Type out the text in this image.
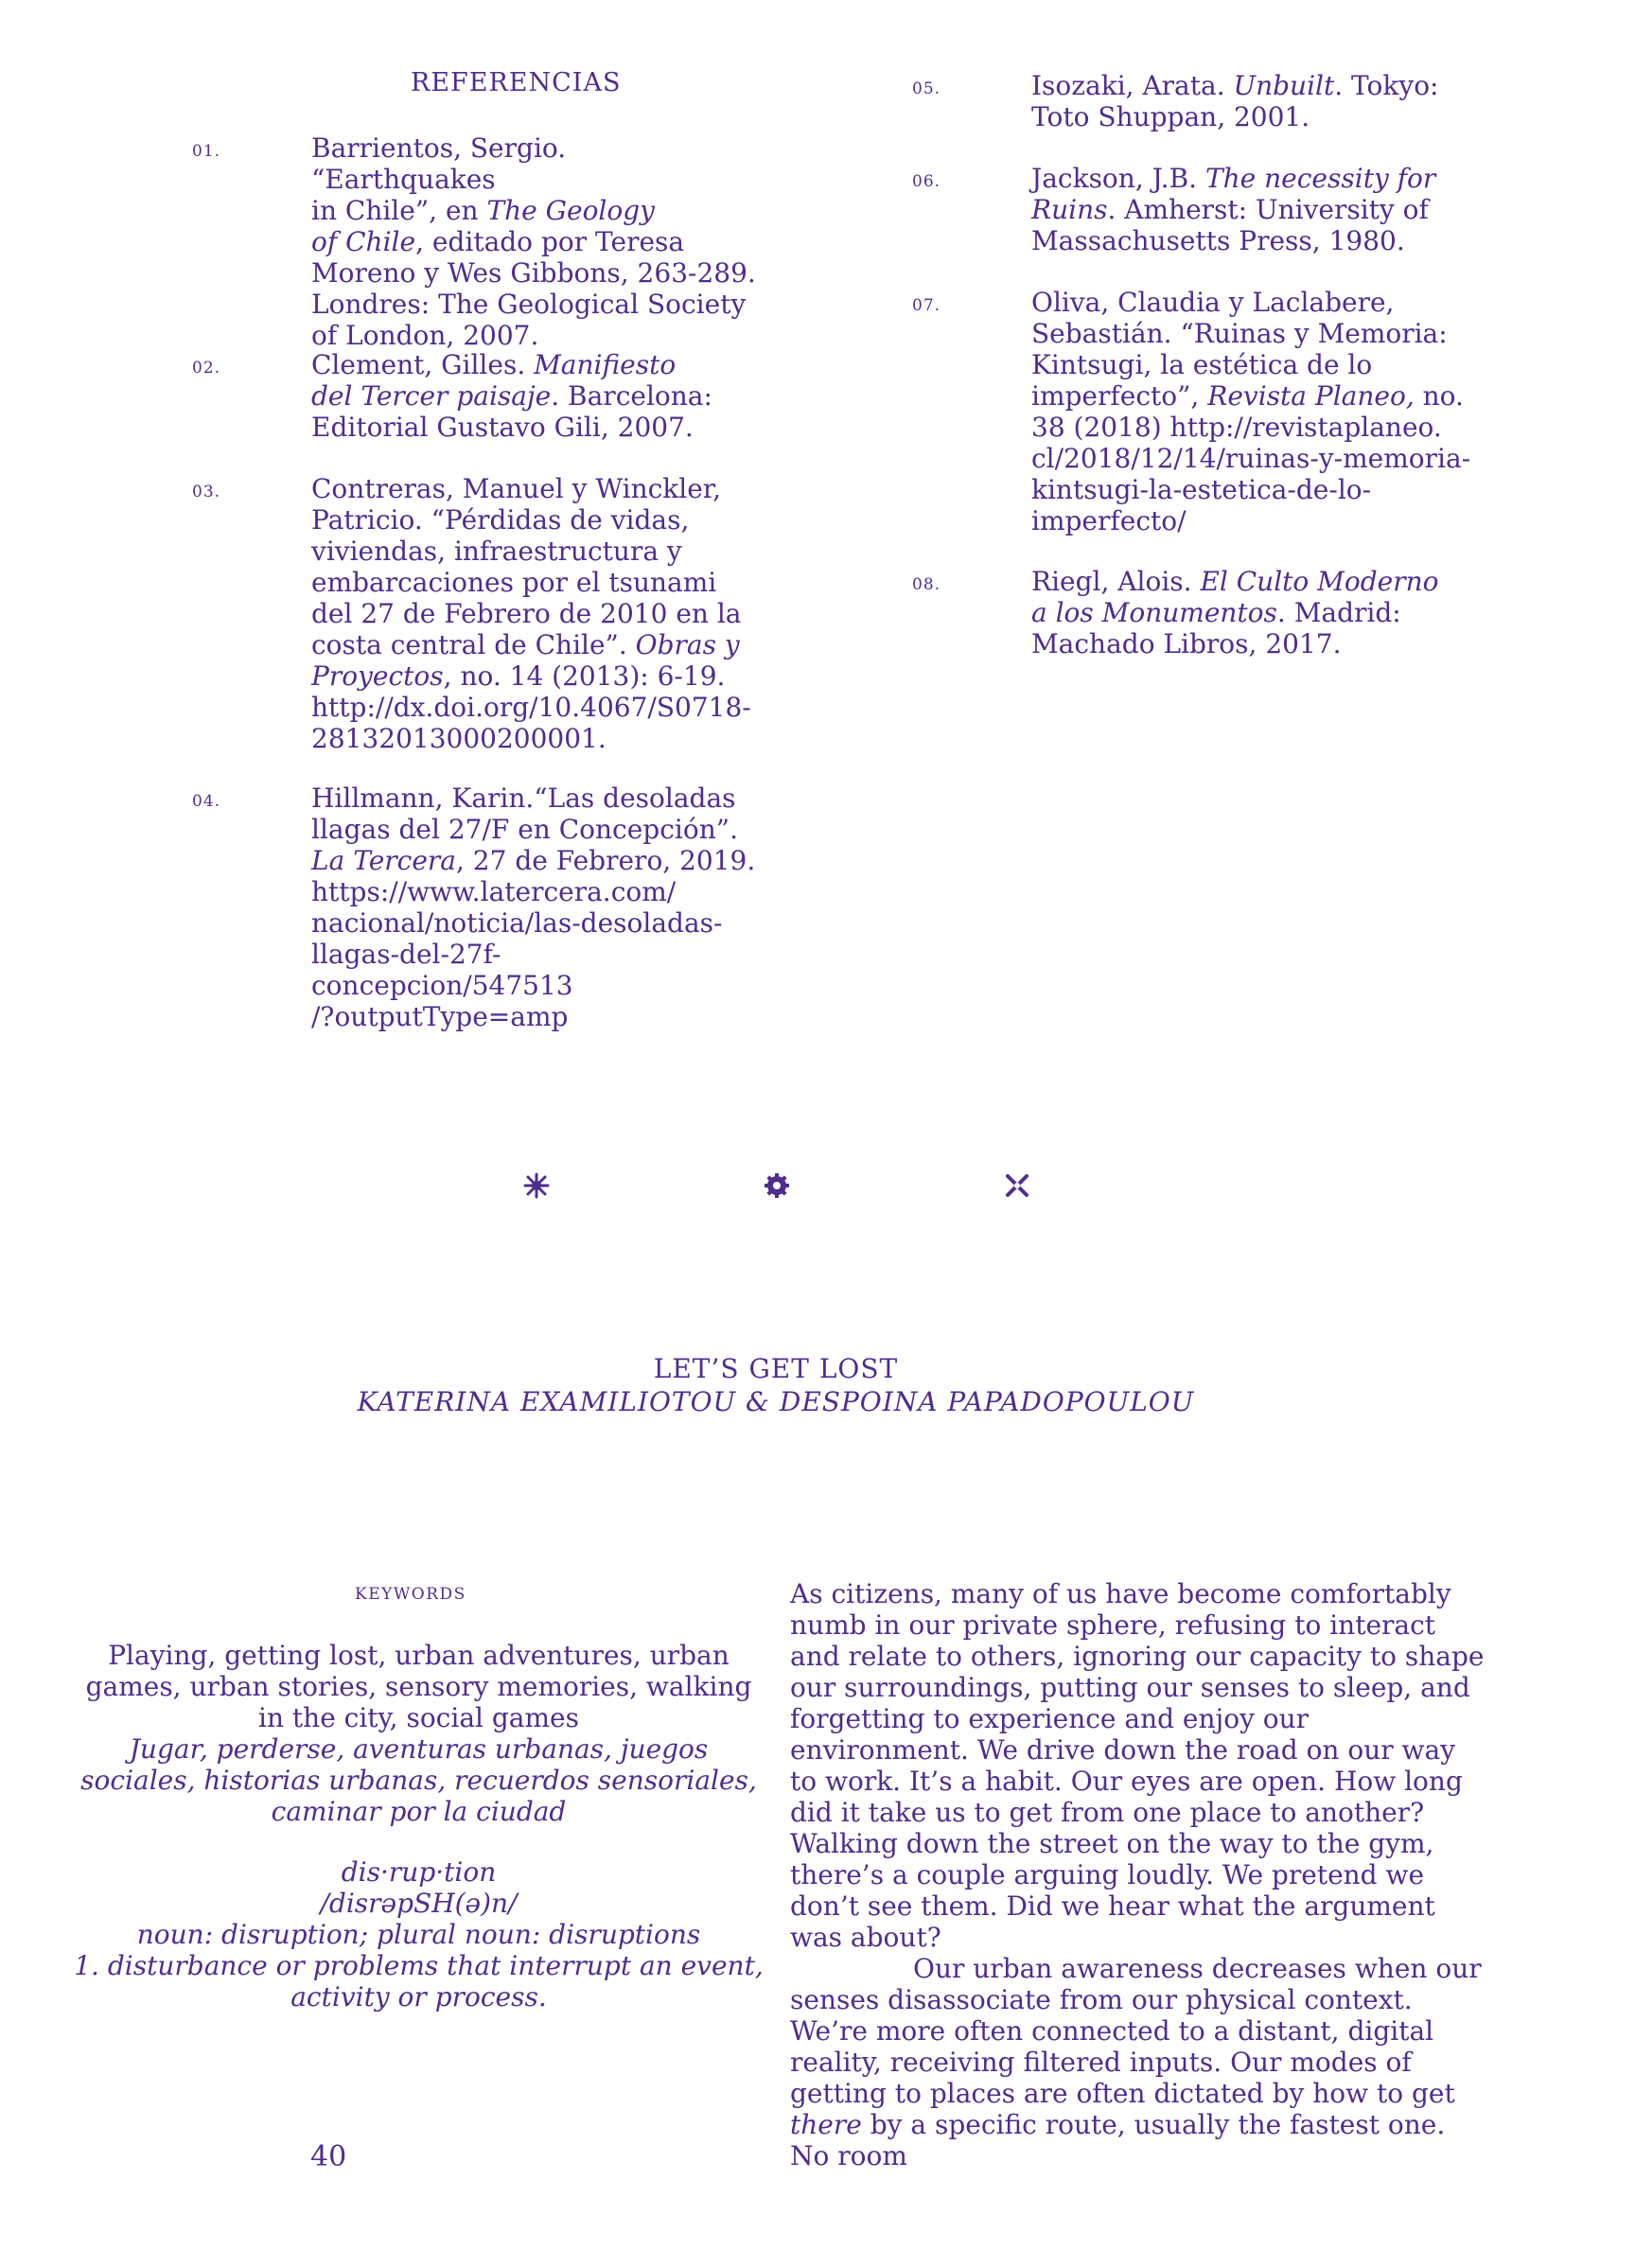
REFERENCIAS
01.	Barrientos, Sergio. “Earthquakes
in Chile”, en The Geology
of Chile, editado por Teresa
Moreno y Wes Gibbons, 263-289.
Londres: The Geological Society
of London, 2007.
02.	Clement, Gilles. Manifiesto
del Tercer paisaje. Barcelona:
Editorial Gustavo Gili, 2007.
03.	Contreras, Manuel y Winckler,
Patricio. “Pérdidas de vidas,
viviendas, infraestructura y
embarcaciones por el tsunami
del 27 de Febrero de 2010 en la
costa central de Chile”. Obras y
Proyectos, no. 14 (2013): 6-19.
http://dx.doi.org/10.4067/S0718-
28132013000200001.
04.	Hillmann, Karin.“Las desoladas
llagas del 27/F en Concepción”.
La Tercera, 27 de Febrero, 2019.
https://www.latercera.com/
nacional/noticia/las-desoladas-
llagas-del-27f-concepcion/547513
/?outputType=amp
05.	Isozaki, Arata. Unbuilt. Tokyo:
Toto Shuppan, 2001.
06.	Jackson, J.B. The necessity for
Ruins. Amherst: University of
Massachusetts Press, 1980.
07.	Oliva, Claudia y Laclabere,
Sebastián. “Ruinas y Memoria:
Kintsugi, la estética de lo
imperfecto”, Revista Planeo, no.
38 (2018) http://revistaplaneo.
cl/2018/12/14/ruinas-y-memoria-
kintsugi-la-estetica-de-lo-
imperfecto/
08.	Riegl, Alois. El Culto Moderno
a los Monumentos. Madrid:
Machado Libros, 2017.
LET’S GET LOST
KATERINA EXAMILIOTOU & DESPOINA PAPADOPOULOU
KEYWORDS

Playing, getting lost, urban adventures, urban games, urban stories, sensory memories, walking in the city, social games

Jugar, perderse, aventuras urbanas, juegos sociales, historias urbanas, recuerdos sensoriales, caminar por la ciudad

dis·rup·tion

/disrəpSH(ə)n/

noun: disruption; plural noun: disruptions

1. disturbance or problems that interrupt an event, activity or process.

As citizens, many of us have become comfortably numb in our private sphere, refusing to interact and relate to others, ignoring our capacity to shape our surroundings, putting our senses to sleep, and forgetting to experience and enjoy our environment. We drive down the road on our way to work. It’s a habit. Our eyes are open. How long did it take us to get from one place to another? Walking down the street on the way to the gym, there’s a couple arguing loudly. We pretend we don’t see them. Did we hear what the argument was about?

Our urban awareness decreases when our senses disassociate from our physical context. We’re more often connected to a distant, digital reality, receiving filtered inputs. Our modes of getting to places are often dictated by how to get there by a specific route, usually the fastest one. No room

40
